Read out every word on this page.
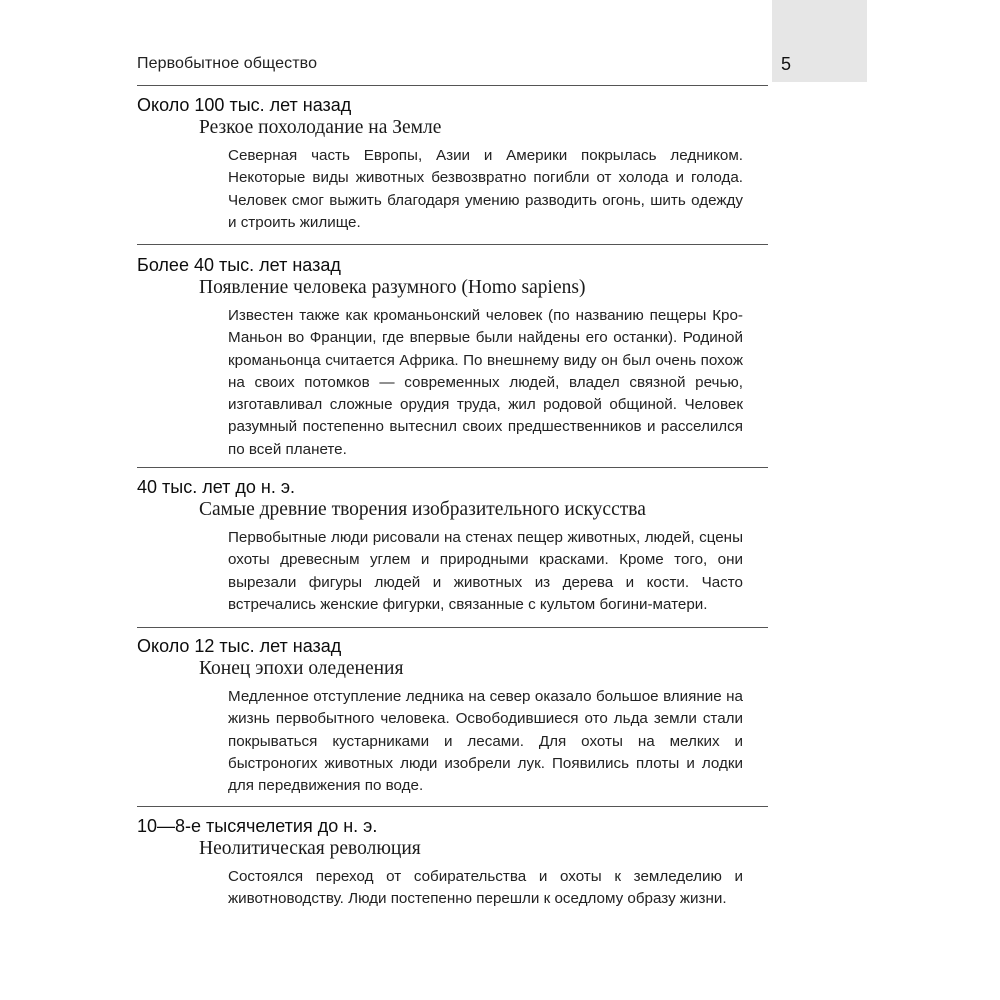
5
Первобытное общество

Около 100 тыс. лет назад

Резкое похолодание на Земле

Северная часть Европы, Азии и Америки покрылась ледником. Некоторые виды животных безвозвратно погибли от холода и голода. Человек смог выжить благодаря умению разводить огонь, шить одежду и строить жилище.

Более 40 тыс. лет назад

Появление человека разумного (Homo sapiens)

Известен также как кроманьонский человек (по названию пещеры Кро-Маньон во Франции, где впервые были найдены его останки). Родиной кроманьонца считается Африка. По внешнему виду он был очень похож на своих потомков — современных людей, владел связной речью, изготавливал сложные орудия труда, жил родовой общиной. Человек разумный постепенно вытеснил своих предшественников и расселился по всей планете.

40 тыс. лет до н. э.

Самые древние творения изобразительного искусства

Первобытные люди рисовали на стенах пещер животных, людей, сцены охоты древесным углем и природными красками. Кроме того, они вырезали фигуры людей и животных из дерева и кости. Часто встречались женские фигурки, связанные с культом богини-матери.

Около 12 тыс. лет назад

Конец эпохи оледенения

Медленное отступление ледника на север оказало большое влияние на жизнь первобытного человека. Освободившиеся ото льда земли стали покрываться кустарниками и лесами. Для охоты на мелких и быстроногих животных люди изобрели лук. Появились плоты и лодки для передвижения по воде.

10—8-е тысячелетия до н. э.

Неолитическая революция

Состоялся переход от собирательства и охоты к земледелию и животноводству. Люди постепенно перешли к оседлому образу жизни.
